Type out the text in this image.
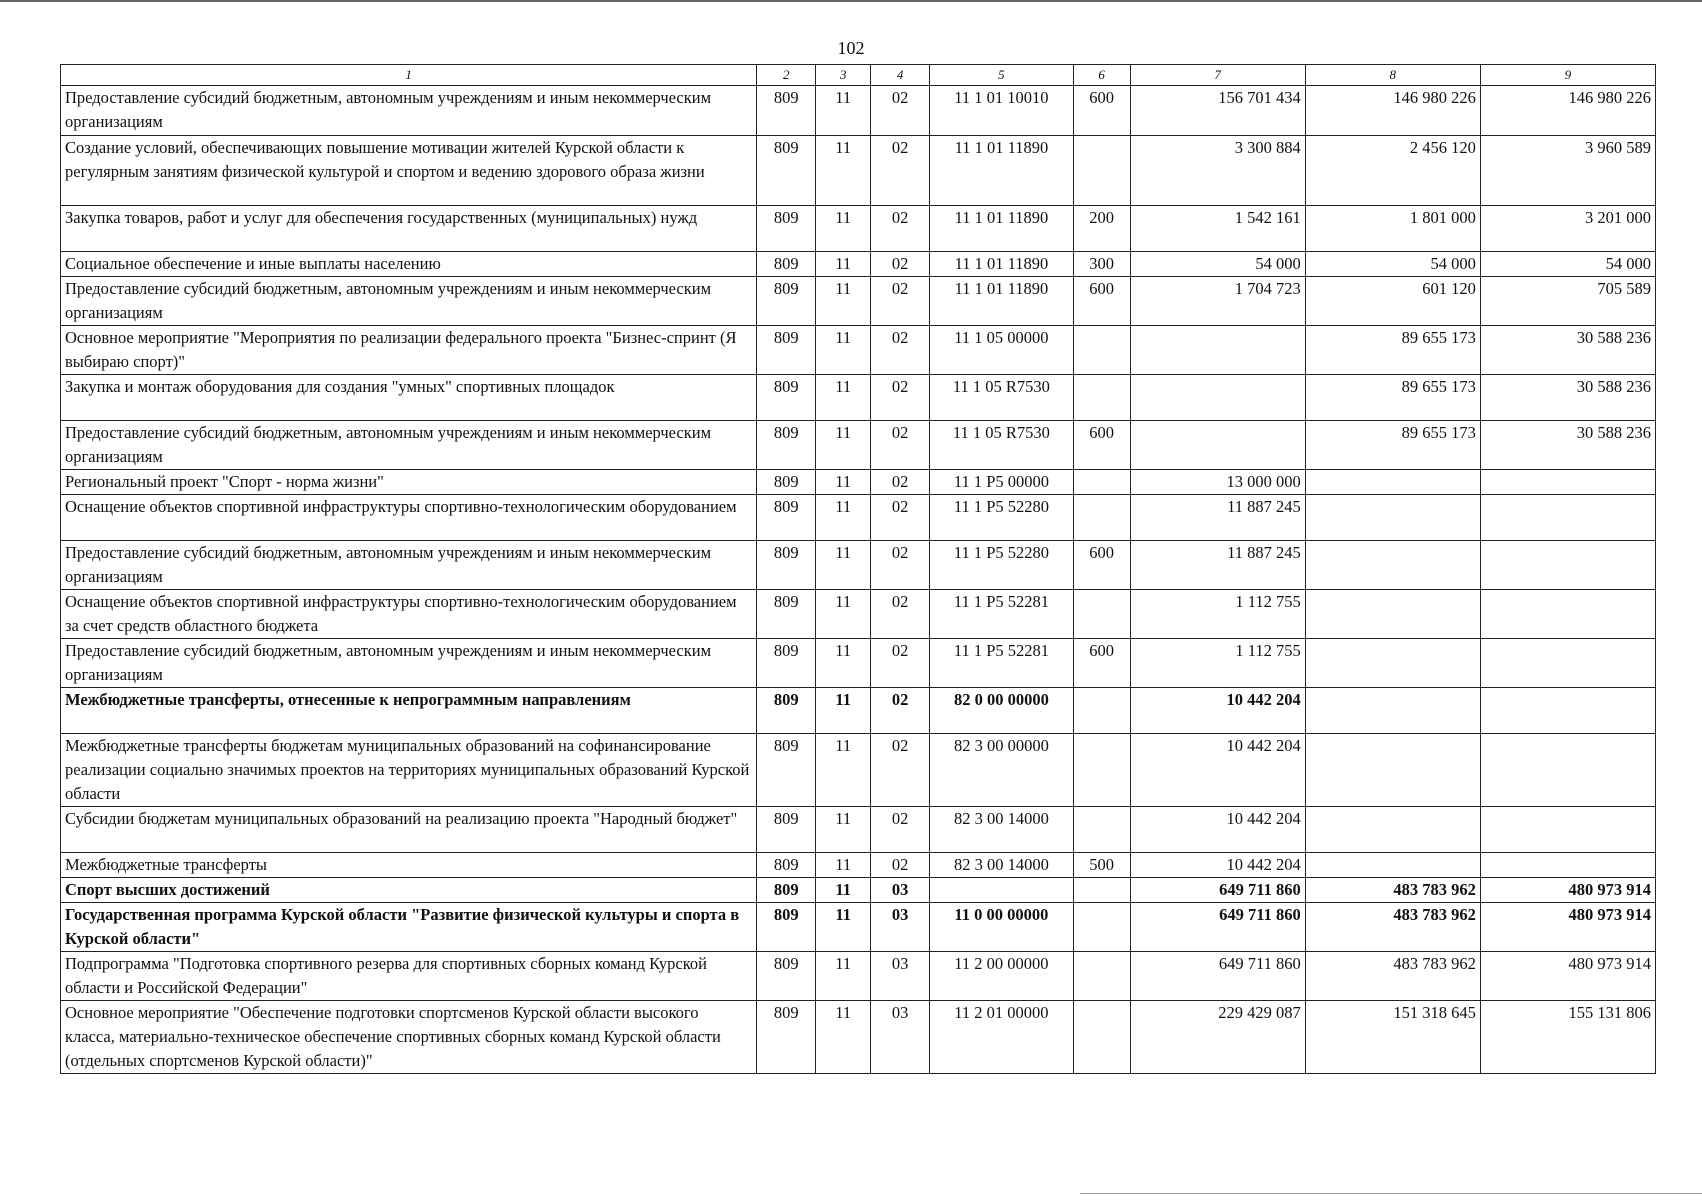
102
1	2	3	4	5	6	7	8	9
Предоставление субсидий бюджетным, автономным учреждениям и иным некоммерческим организациям	809	11	02	11 1 01 10010	600	156 701 434	146 980 226	146 980 226
Создание условий, обеспечивающих повышение мотивации жителей Курской области к регулярным занятиям физической культурой и спортом и ведению здорового образа жизни	809	11	02	11 1 01 11890		3 300 884	2 456 120	3 960 589
Закупка товаров, работ и услуг для обеспечения государственных (муниципальных) нужд	809	11	02	11 1 01 11890	200	1 542 161	1 801 000	3 201 000
Социальное обеспечение и иные выплаты населению	809	11	02	11 1 01 11890	300	54 000	54 000	54 000
Предоставление субсидий бюджетным, автономным учреждениям и иным некоммерческим организациям	809	11	02	11 1 01 11890	600	1 704 723	601 120	705 589
Основное мероприятие "Мероприятия по реализации федерального проекта "Бизнес-спринт (Я выбираю спорт)"	809	11	02	11 1 05 00000			89 655 173	30 588 236
Закупка и монтаж оборудования для создания "умных" спортивных площадок	809	11	02	11 1 05 R7530			89 655 173	30 588 236
Предоставление субсидий бюджетным, автономным учреждениям и иным некоммерческим организациям	809	11	02	11 1 05 R7530	600		89 655 173	30 588 236
Региональный проект "Спорт - норма жизни"	809	11	02	11 1 P5 00000		13 000 000		
Оснащение объектов спортивной инфраструктуры спортивно-технологическим оборудованием	809	11	02	11 1 P5 52280		11 887 245		
Предоставление субсидий бюджетным, автономным учреждениям и иным некоммерческим организациям	809	11	02	11 1 P5 52280	600	11 887 245		
Оснащение объектов спортивной инфраструктуры спортивно-технологическим оборудованием за счет средств областного бюджета	809	11	02	11 1 P5 52281		1 112 755		
Предоставление субсидий бюджетным, автономным учреждениям и иным некоммерческим организациям	809	11	02	11 1 P5 52281	600	1 112 755		
Межбюджетные трансферты, отнесенные к непрограммным направлениям	809	11	02	82 0 00 00000		10 442 204		
Межбюджетные трансферты бюджетам муниципальных образований на софинансирование реализации социально значимых проектов на территориях муниципальных образований Курской области	809	11	02	82 3 00 00000		10 442 204		
Субсидии бюджетам муниципальных образований на реализацию проекта "Народный бюджет"	809	11	02	82 3 00 14000		10 442 204		
Межбюджетные трансферты	809	11	02	82 3 00 14000	500	10 442 204		
Спорт высших достижений	809	11	03			649 711 860	483 783 962	480 973 914
Государственная программа Курской области "Развитие физической культуры и спорта в Курской области"	809	11	03	11 0 00 00000		649 711 860	483 783 962	480 973 914
Подпрограмма "Подготовка спортивного резерва для спортивных сборных команд Курской области и Российской Федерации"	809	11	03	11 2 00 00000		649 711 860	483 783 962	480 973 914
Основное мероприятие "Обеспечение подготовки спортсменов Курской области высокого класса, материально-техническое обеспечение спортивных сборных команд Курской области (отдельных спортсменов Курской области)"	809	11	03	11 2 01 00000		229 429 087	151 318 645	155 131 806
